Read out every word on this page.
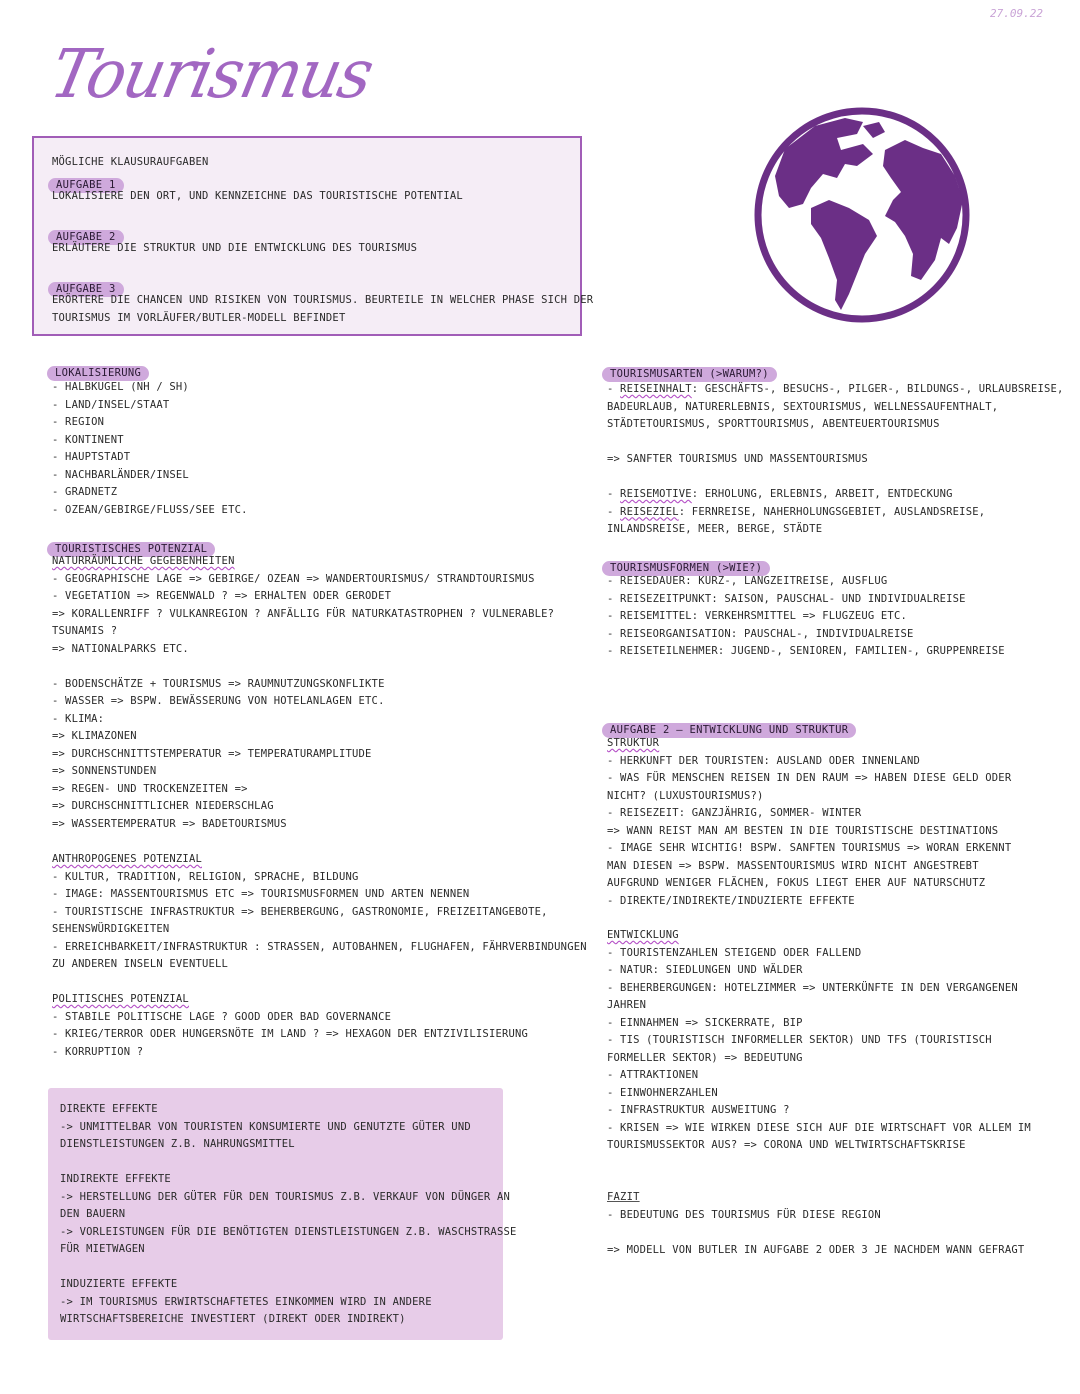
27.09.22
Tourismus
MÖGLICHE KLAUSURAUFGABEN
AUFGABE 1
LOKALISIERE DEN ORT, UND KENNZEICHNE DAS TOURISTISCHE POTENTIAL
AUFGABE 2
ERLÄUTERE DIE STRUKTUR UND DIE ENTWICKLUNG DES TOURISMUS
AUFGABE 3
ERÖRTERE DIE CHANCEN UND RISIKEN VON TOURISMUS. BEURTEILE IN WELCHER PHASE SICH DER
TOURISMUS IM VORLÄUFER/BUTLER-MODELL BEFINDET
LOKALISIERUNG
- HALBKUGEL (NH / SH)
- LAND/INSEL/STAAT
- REGION
- KONTINENT
- HAUPTSTADT
- NACHBARLÄNDER/INSEL
- GRADNETZ
- OZEAN/GEBIRGE/FLUSS/SEE ETC.
TOURISTISCHES POTENZIAL
NATURRÄUMLICHE GEGEBENHEITEN
- GEOGRAPHISCHE LAGE => GEBIRGE/ OZEAN => WANDERTOURISMUS/ STRANDTOURISMUS
- VEGETATION => REGENWALD ? => ERHALTEN ODER GERODET
=> KORALLENRIFF ? VULKANREGION ? ANFÄLLIG FÜR NATURKATASTROPHEN ? VULNERABLE?
TSUNAMIS ?
=> NATIONALPARKS ETC.
- BODENSCHÄTZE + TOURISMUS => RAUMNUTZUNGSKONFLIKTE
- WASSER => BSPW. BEWÄSSERUNG VON HOTELANLAGEN ETC.
- KLIMA:
=> KLIMAZONEN
=> DURCHSCHNITTSTEMPERATUR => TEMPERATURAMPLITUDE
=> SONNENSTUNDEN
=> REGEN- UND TROCKENZEITEN =>
=> DURCHSCHNITTLICHER NIEDERSCHLAG
=> WASSERTEMPERATUR => BADETOURISMUS
ANTHROPOGENES POTENZIAL
- KULTUR, TRADITION, RELIGION, SPRACHE, BILDUNG
- IMAGE: MASSENTOURISMUS ETC => TOURISMUSFORMEN UND ARTEN NENNEN
- TOURISTISCHE INFRASTRUKTUR => BEHERBERGUNG, GASTRONOMIE, FREIZEITANGEBOTE,
SEHENSWÜRDIGKEITEN
- ERREICHBARKEIT/INFRASTRUKTUR : STRASSEN, AUTOBAHNEN, FLUGHAFEN, FÄHRVERBINDUNGEN
ZU ANDEREN INSELN EVENTUELL
POLITISCHES POTENZIAL
- STABILE POLITISCHE LAGE ? GOOD ODER BAD GOVERNANCE
- KRIEG/TERROR ODER HUNGERSNÖTE IM LAND ? => HEXAGON DER ENTZIVILISIERUNG
- KORRUPTION ?
DIREKTE EFFEKTE
-> UNMITTELBAR VON TOURISTEN KONSUMIERTE UND GENUTZTE GÜTER UND
DIENSTLEISTUNGEN Z.B. NAHRUNGSMITTEL
INDIREKTE EFFEKTE
-> HERSTELLUNG DER GÜTER FÜR DEN TOURISMUS Z.B. VERKAUF VON DÜNGER AN
DEN BAUERN
-> VORLEISTUNGEN FÜR DIE BENÖTIGTEN DIENSTLEISTUNGEN Z.B. WASCHSTRASSE
FÜR MIETWAGEN
INDUZIERTE EFFEKTE
-> IM TOURISMUS ERWIRTSCHAFTETES EINKOMMEN WIRD IN ANDERE
WIRTSCHAFTSBEREICHE INVESTIERT (DIREKT ODER INDIREKT)
TOURISMUSARTEN (>WARUM?)
- REISEINHALT: GESCHÄFTS-, BESUCHS-, PILGER-, BILDUNGS-, URLAUBSREISE,
BADEURLAUB, NATURERLEBNIS, SEXTOURISMUS, WELLNESSAUFENTHALT,
STÄDTETOURISMUS, SPORTTOURISMUS, ABENTEUERTOURISMUS
=> SANFTER TOURISMUS UND MASSENTOURISMUS
- REISEMOTIVE: ERHOLUNG, ERLEBNIS, ARBEIT, ENTDECKUNG
- REISEZIEL: FERNREISE, NAHERHOLUNGSGEBIET, AUSLANDSREISE,
INLANDSREISE, MEER, BERGE, STÄDTE
TOURISMUSFORMEN (>WIE?)
- REISEDAUER: KURZ-, LANGZEITREISE, AUSFLUG
- REISEZEITPUNKT: SAISON, PAUSCHAL- UND INDIVIDUALREISE
- REISEMITTEL: VERKEHRSMITTEL => FLUGZEUG ETC.
- REISEORGANISATION: PAUSCHAL-, INDIVIDUALREISE
- REISETEILNEHMER: JUGEND-, SENIOREN, FAMILIEN-, GRUPPENREISE
AUFGABE 2 — ENTWICKLUNG UND STRUKTUR
STRUKTUR
- HERKUNFT DER TOURISTEN: AUSLAND ODER INNENLAND
- WAS FÜR MENSCHEN REISEN IN DEN RAUM => HABEN DIESE GELD ODER
NICHT? (LUXUSTOURISMUS?)
- REISEZEIT: GANZJÄHRIG, SOMMER- WINTER
=> WANN REIST MAN AM BESTEN IN DIE TOURISTISCHE DESTINATIONS
- IMAGE SEHR WICHTIG! BSPW. SANFTEN TOURISMUS => WORAN ERKENNT
MAN DIESEN => BSPW. MASSENTOURISMUS WIRD NICHT ANGESTREBT
AUFGRUND WENIGER FLÄCHEN, FOKUS LIEGT EHER AUF NATURSCHUTZ
- DIREKTE/INDIREKTE/INDUZIERTE EFFEKTE
ENTWICKLUNG
- TOURISTENZAHLEN STEIGEND ODER FALLEND
- NATUR: SIEDLUNGEN UND WÄLDER
- BEHERBERGUNGEN: HOTELZIMMER => UNTERKÜNFTE IN DEN VERGANGENEN
JAHREN
- EINNAHMEN => SICKERRATE, BIP
- TIS (TOURISTISCH INFORMELLER SEKTOR) UND TFS (TOURISTISCH
FORMELLER SEKTOR) => BEDEUTUNG
- ATTRAKTIONEN
- EINWOHNERZAHLEN
- INFRASTRUKTUR AUSWEITUNG ?
- KRISEN => WIE WIRKEN DIESE SICH AUF DIE WIRTSCHAFT VOR ALLEM IM
TOURISMUSSEKTOR AUS? => CORONA UND WELTWIRTSCHAFTSKRISE
FAZIT
- BEDEUTUNG DES TOURISMUS FÜR DIESE REGION
=> MODELL VON BUTLER IN AUFGABE 2 ODER 3 JE NACHDEM WANN GEFRAGT
